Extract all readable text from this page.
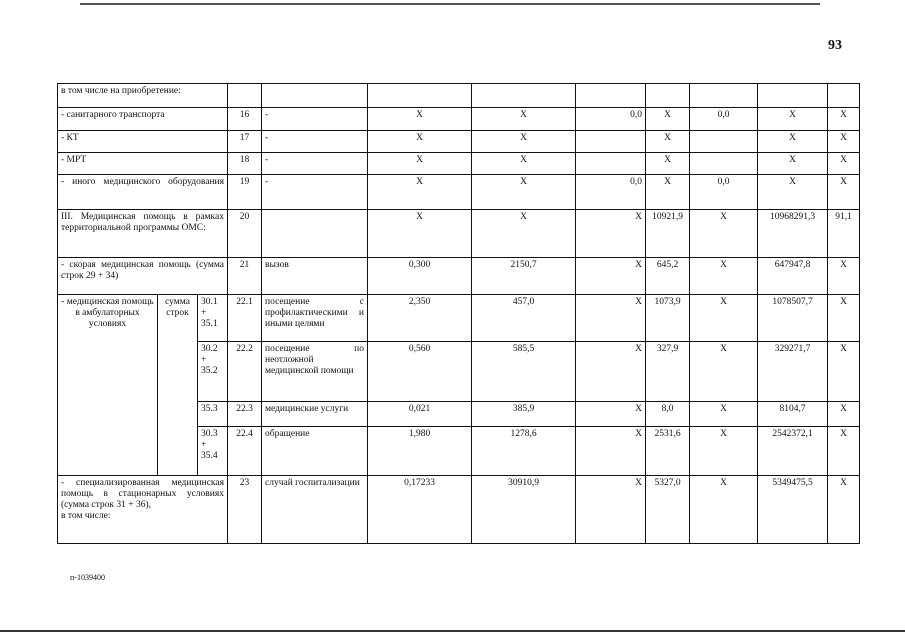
93
в том числе на приобретение:											
- санитарного транспорта			16	-	Х	Х	0,0	Х	0,0	Х	Х
- КТ			17	-	Х	Х		Х		Х	Х
- МРТ			18	-	Х	Х		Х		Х	Х
- иного медицинского оборудования			19	-	Х	Х	0,0	Х	0,0	Х	Х
III. Медицинская помощь в рамках территориальной программы ОМС:			20		Х	Х	Х	10921,9	Х	10968291,3	91,1
- скорая медицинская помощь (сумма строк 29 + 34)			21	вызов	0,300	2150,7	Х	645,2	Х	647947,8	Х
- медицинская помощь в амбулаторных условиях	сумма строк	30.1 + 35.1	22.1	посещение с профилактическими и иными целями	2,350	457,0	Х	1073,9	Х	1078507,7	Х
		30.2 + 35.2	22.2	посещение по неотложной медицинской помощи	0,560	585,5	Х	327,9	Х	329271,7	Х
		35.3	22.3	медицинские услуги	0,021	385,9	Х	8,0	Х	8104,7	Х
		30.3 + 35.4	22.4	обращение	1,980	1278,6	Х	2531,6	Х	2542372,1	Х

- специализированная медицинская помощь в стационарных условиях (сумма строк 31 + 36),
в том числе:			23	случай госпитализации	0,17233	30910,9	Х	5327,0	Х	5349475,5	Х
п-1039400
